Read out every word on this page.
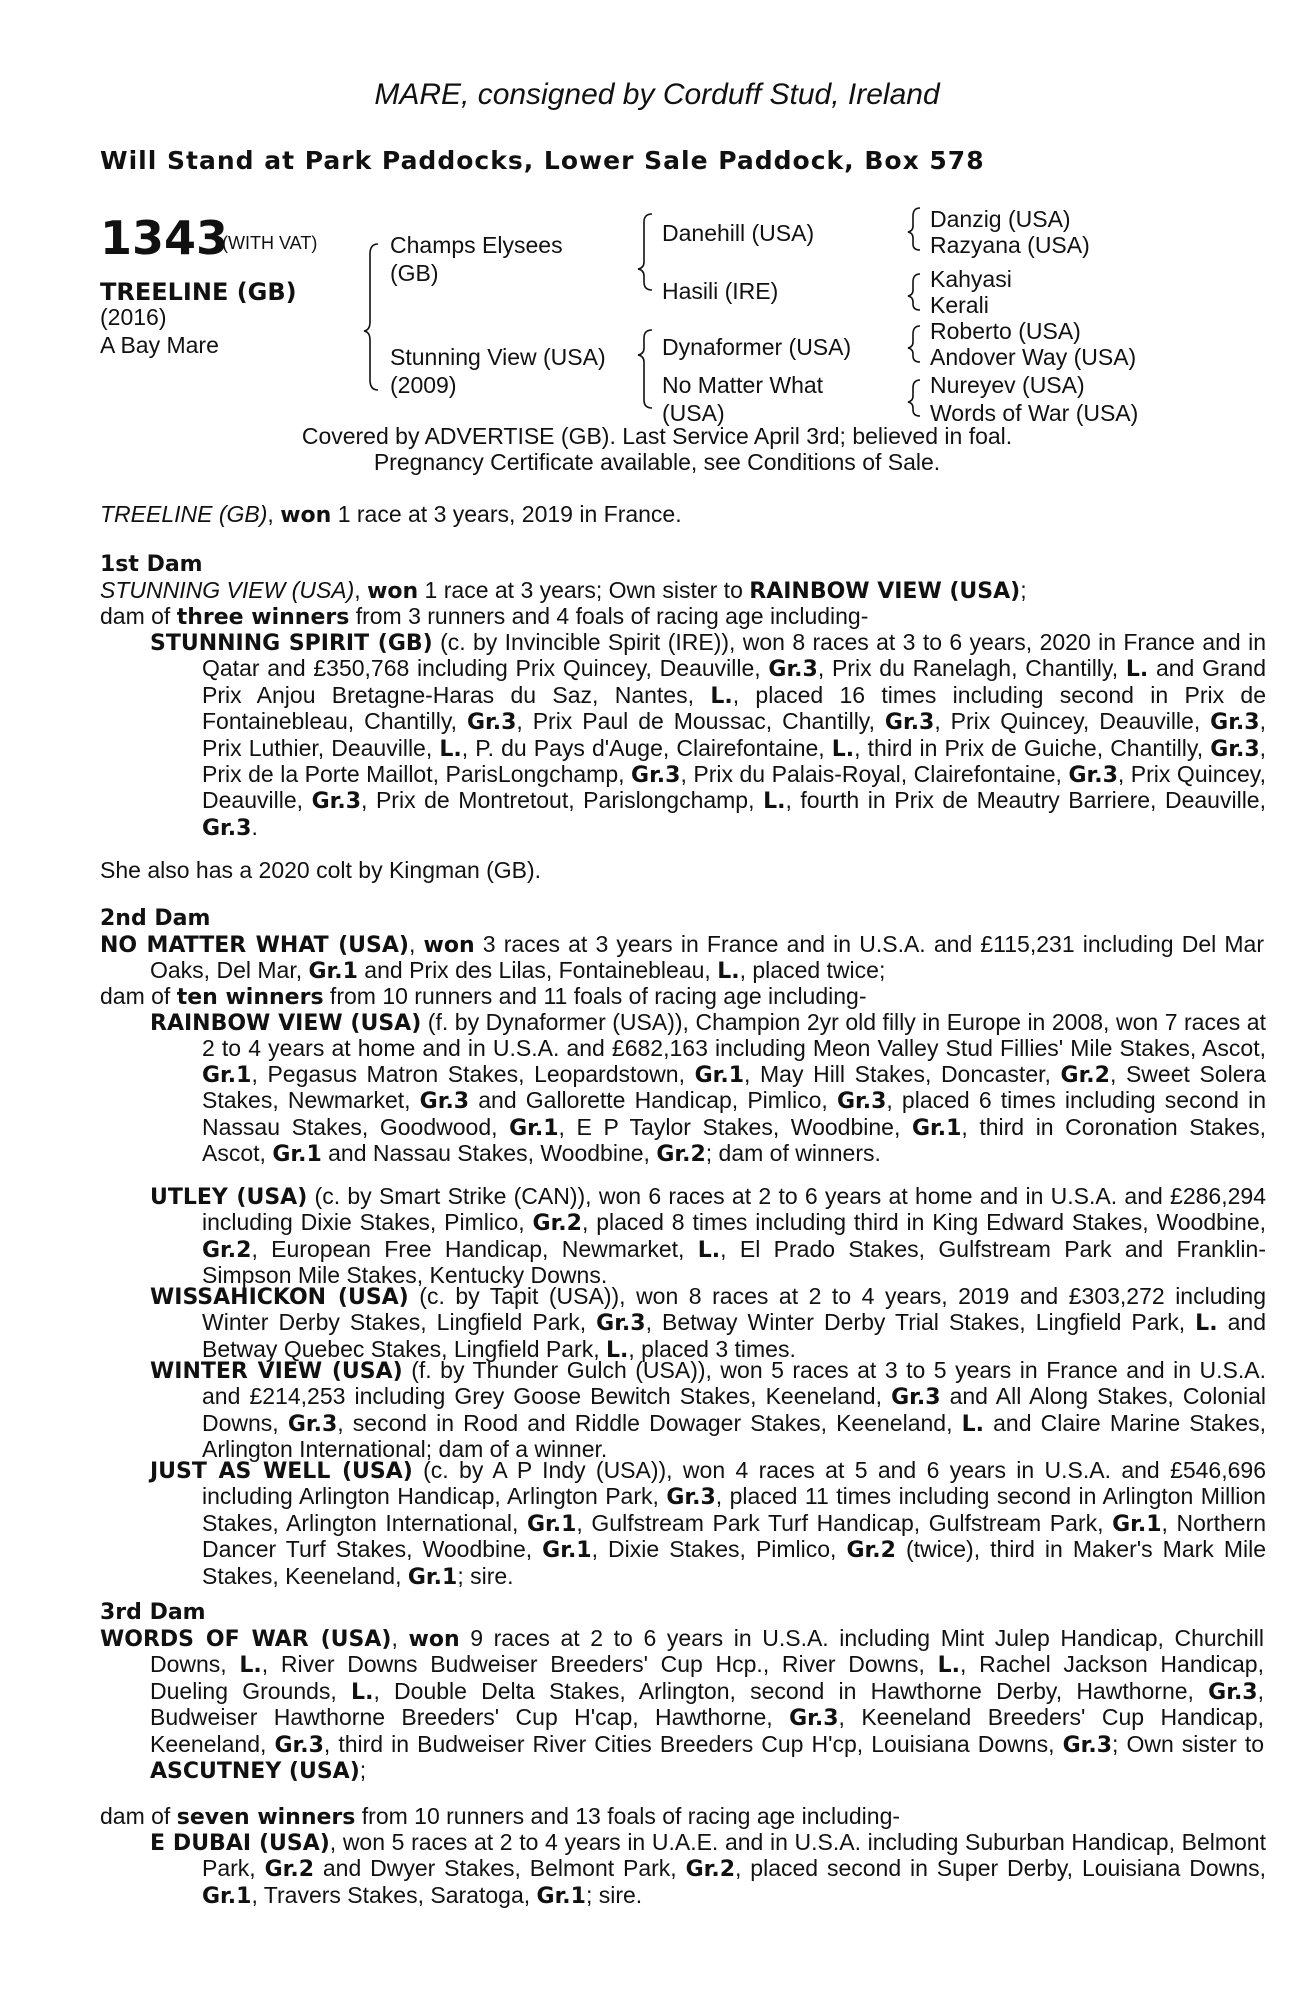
MARE, consigned by Corduff Stud, Ireland
Will Stand at Park Paddocks, Lower Sale Paddock, Box 578
1343
(WITH VAT)
TREELINE (GB)
(2016)
A Bay Mare
Champs Elysees
(GB)
Stunning View (USA)
(2009)
Danehill (USA)
Hasili (IRE)
Dynaformer (USA)
No Matter What
(USA)
Danzig (USA)
Razyana (USA)
Kahyasi
Kerali
Roberto (USA)
Andover Way (USA)
Nureyev (USA)
Words of War (USA)
Covered by ADVERTISE (GB). Last Service April 3rd; believed in foal.
Pregnancy Certificate available, see Conditions of Sale.
TREELINE (GB), won 1 race at 3 years, 2019 in France.
1st Dam
STUNNING VIEW (USA), won 1 race at 3 years; Own sister to RAINBOW VIEW (USA);
dam of three winners from 3 runners and 4 foals of racing age including-
STUNNING SPIRIT (GB) (c. by Invincible Spirit (IRE)), won 8 races at 3 to 6 years, 2020 in France and in Qatar and £350,768 including Prix Quincey, Deauville, Gr.3, Prix du Ranelagh, Chantilly, L. and Grand Prix Anjou Bretagne-Haras du Saz, Nantes, L., placed 16 times including second in Prix de Fontainebleau, Chantilly, Gr.3, Prix Paul de Moussac, Chantilly, Gr.3, Prix Quincey, Deauville, Gr.3, Prix Luthier, Deauville, L., P. du Pays d'Auge, Clairefontaine, L., third in Prix de Guiche, Chantilly, Gr.3, Prix de la Porte Maillot, ParisLongchamp, Gr.3, Prix du Palais-Royal, Clairefontaine, Gr.3, Prix Quincey, Deauville, Gr.3, Prix de Montretout, Parislongchamp, L., fourth in Prix de Meautry Barriere, Deauville, Gr.3.
She also has a 2020 colt by Kingman (GB).
2nd Dam
NO MATTER WHAT (USA), won 3 races at 3 years in France and in U.S.A. and £115,231 including Del Mar Oaks, Del Mar, Gr.1 and Prix des Lilas, Fontainebleau, L., placed twice;
dam of ten winners from 10 runners and 11 foals of racing age including-
RAINBOW VIEW (USA) (f. by Dynaformer (USA)), Champion 2yr old filly in Europe in 2008, won 7 races at 2 to 4 years at home and in U.S.A. and £682,163 including Meon Valley Stud Fillies' Mile Stakes, Ascot, Gr.1, Pegasus Matron Stakes, Leopardstown, Gr.1, May Hill Stakes, Doncaster, Gr.2, Sweet Solera Stakes, Newmarket, Gr.3 and Gallorette Handicap, Pimlico, Gr.3, placed 6 times including second in Nassau Stakes, Goodwood, Gr.1, E P Taylor Stakes, Woodbine, Gr.1, third in Coronation Stakes, Ascot, Gr.1 and Nassau Stakes, Woodbine, Gr.2; dam of winners.
UTLEY (USA) (c. by Smart Strike (CAN)), won 6 races at 2 to 6 years at home and in U.S.A. and £286,294 including Dixie Stakes, Pimlico, Gr.2, placed 8 times including third in King Edward Stakes, Woodbine, Gr.2, European Free Handicap, Newmarket, L., El Prado Stakes, Gulfstream Park and Franklin-Simpson Mile Stakes, Kentucky Downs.
WISSAHICKON (USA) (c. by Tapit (USA)), won 8 races at 2 to 4 years, 2019 and £303,272 including Winter Derby Stakes, Lingfield Park, Gr.3, Betway Winter Derby Trial Stakes, Lingfield Park, L. and Betway Quebec Stakes, Lingfield Park, L., placed 3 times.
WINTER VIEW (USA) (f. by Thunder Gulch (USA)), won 5 races at 3 to 5 years in France and in U.S.A. and £214,253 including Grey Goose Bewitch Stakes, Keeneland, Gr.3 and All Along Stakes, Colonial Downs, Gr.3, second in Rood and Riddle Dowager Stakes, Keeneland, L. and Claire Marine Stakes, Arlington International; dam of a winner.
JUST AS WELL (USA) (c. by A P Indy (USA)), won 4 races at 5 and 6 years in U.S.A. and £546,696 including Arlington Handicap, Arlington Park, Gr.3, placed 11 times including second in Arlington Million Stakes, Arlington International, Gr.1, Gulfstream Park Turf Handicap, Gulfstream Park, Gr.1, Northern Dancer Turf Stakes, Woodbine, Gr.1, Dixie Stakes, Pimlico, Gr.2 (twice), third in Maker's Mark Mile Stakes, Keeneland, Gr.1; sire.
3rd Dam
WORDS OF WAR (USA), won 9 races at 2 to 6 years in U.S.A. including Mint Julep Handicap, Churchill Downs, L., River Downs Budweiser Breeders' Cup Hcp., River Downs, L., Rachel Jackson Handicap, Dueling Grounds, L., Double Delta Stakes, Arlington, second in Hawthorne Derby, Hawthorne, Gr.3, Budweiser Hawthorne Breeders' Cup H'cap, Hawthorne, Gr.3, Keeneland Breeders' Cup Handicap, Keeneland, Gr.3, third in Budweiser River Cities Breeders Cup H'cp, Louisiana Downs, Gr.3; Own sister to ASCUTNEY (USA);
dam of seven winners from 10 runners and 13 foals of racing age including-
E DUBAI (USA), won 5 races at 2 to 4 years in U.A.E. and in U.S.A. including Suburban Handicap, Belmont Park, Gr.2 and Dwyer Stakes, Belmont Park, Gr.2, placed second in Super Derby, Louisiana Downs, Gr.1, Travers Stakes, Saratoga, Gr.1; sire.
